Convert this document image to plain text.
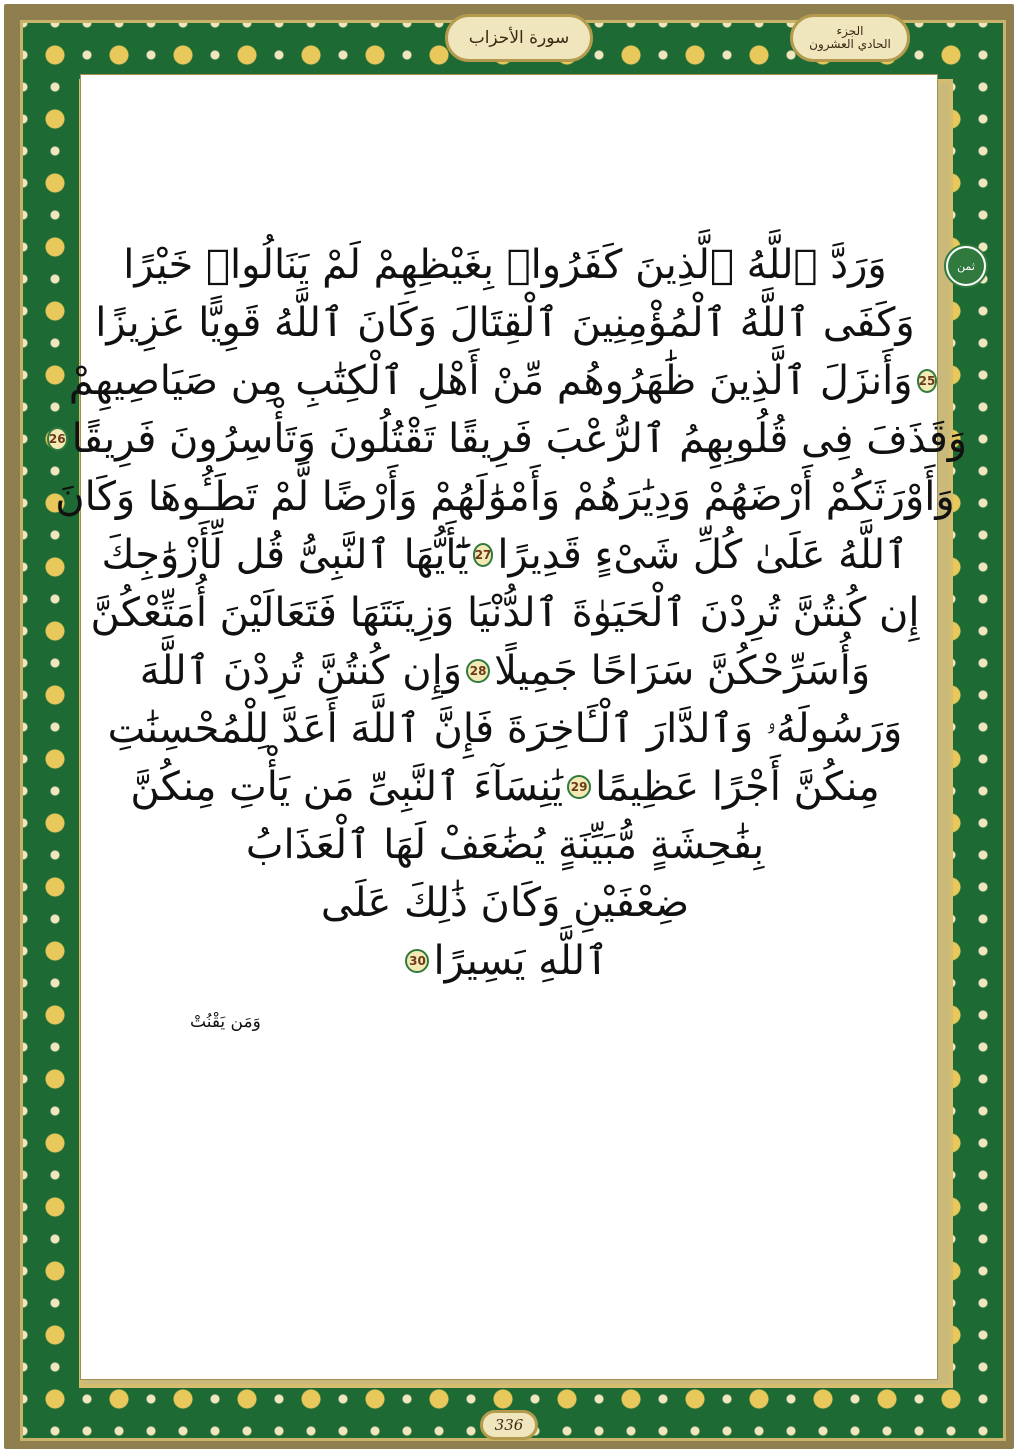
سورة الأحزاب	الجزء
الحادي العشرون
ثمن
وَرَدَّ ٱللَّهُ ٱلَّذِينَ كَفَرُوا۟ بِغَيْظِهِمْ لَمْ يَنَالُوا۟ خَيْرًا
وَكَفَى ٱللَّهُ ٱلْمُؤْمِنِينَ ٱلْقِتَالَ وَكَانَ ٱللَّهُ قَوِيًّا عَزِيزًا
25
وَأَنزَلَ ٱلَّذِينَ ظَٰهَرُوهُم مِّنْ أَهْلِ ٱلْكِتَٰبِ مِن صَيَاصِيهِمْ
وَقَذَفَ فِى قُلُوبِهِمُ ٱلرُّعْبَ فَرِيقًا تَقْتُلُونَ وَتَأْسِرُونَ فَرِيقًا
26
وَأَوْرَثَكُمْ أَرْضَهُمْ وَدِيَٰرَهُمْ وَأَمْوَٰلَهُمْ وَأَرْضًا لَّمْ تَطَـُٔوهَا وَكَانَ
ٱللَّهُ عَلَىٰ كُلِّ شَىْءٍ قَدِيرًا
27
يَٰٓأَيُّهَا ٱلنَّبِىُّ قُل لِّأَزْوَٰجِكَ
إِن كُنتُنَّ تُرِدْنَ ٱلْحَيَوٰةَ ٱلدُّنْيَا وَزِينَتَهَا فَتَعَالَيْنَ أُمَتِّعْكُنَّ
وَأُسَرِّحْكُنَّ سَرَاحًا جَمِيلًا
28
وَإِن كُنتُنَّ تُرِدْنَ ٱللَّهَ
وَرَسُولَهُۥ وَٱلدَّارَ ٱلْـَٔاخِرَةَ فَإِنَّ ٱللَّهَ أَعَدَّ لِلْمُحْسِنَٰتِ
مِنكُنَّ أَجْرًا عَظِيمًا
29
يَٰنِسَآءَ ٱلنَّبِىِّ مَن يَأْتِ مِنكُنَّ
بِفَٰحِشَةٍ مُّبَيِّنَةٍ يُضَٰعَفْ لَهَا ٱلْعَذَابُ
ضِعْفَيْنِ وَكَانَ ذَٰلِكَ عَلَى
ٱللَّهِ يَسِيرًا
30
وَمَن يَقْنُتْ
336
